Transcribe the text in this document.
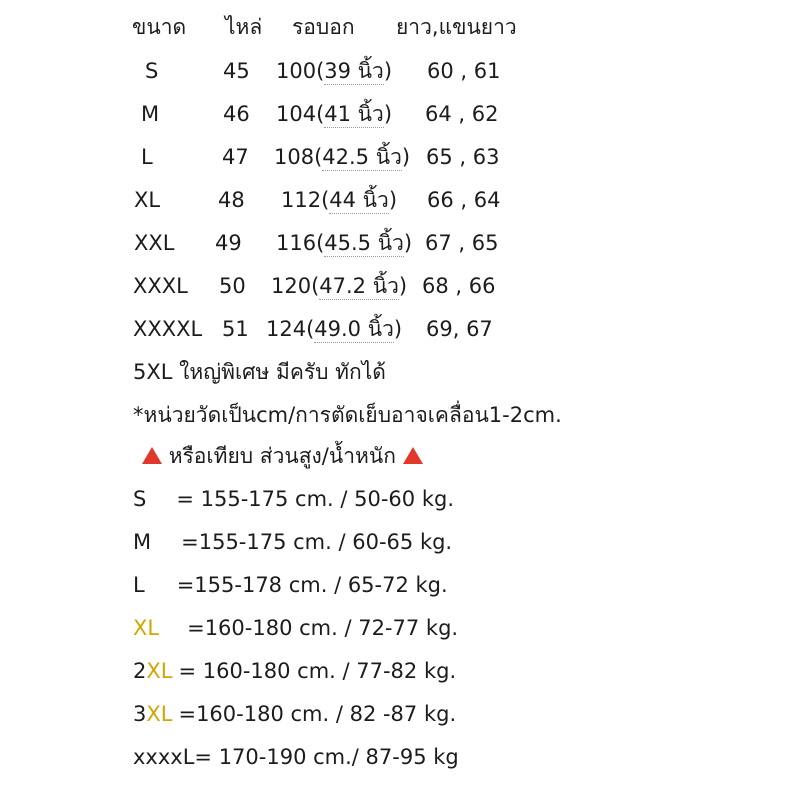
ขนาด ไหล่ รอบอก ยาว,แขนยาว
S	45 100(39 นิ้ว) 60 , 61
M	46 104(41 นิ้ว) 64 , 62
L	47 108(42.5 นิ้ว) 65 , 63
XL	48 112(44 นิ้ว) 66 , 64
XXL 49 116(45.5 นิ้ว) 67 , 65
XXXL 50 120(47.2 นิ้ว) 68 , 66
XXXXL 51 124(49.0 นิ้ว) 69, 67
5XL ใหญ่พิเศษ มีครับ ทักได้
*หน่วยวัดเป็นcm/การตัดเย็บอาจเคลื่อน1-2cm.
หรือเทียบ ส่วนสูง/น้ำหนัก
S = 155-175 cm. / 50-60 kg.
M =155-175 cm. / 60-65 kg.
L =155-178 cm. / 65-72 kg.
XL =160-180 cm. / 72-77 kg.
2XL = 160-180 cm. / 77-82 kg.
3XL =160-180 cm. / 82 -87 kg.
xxxxL= 170-190 cm./ 87-95 kg
